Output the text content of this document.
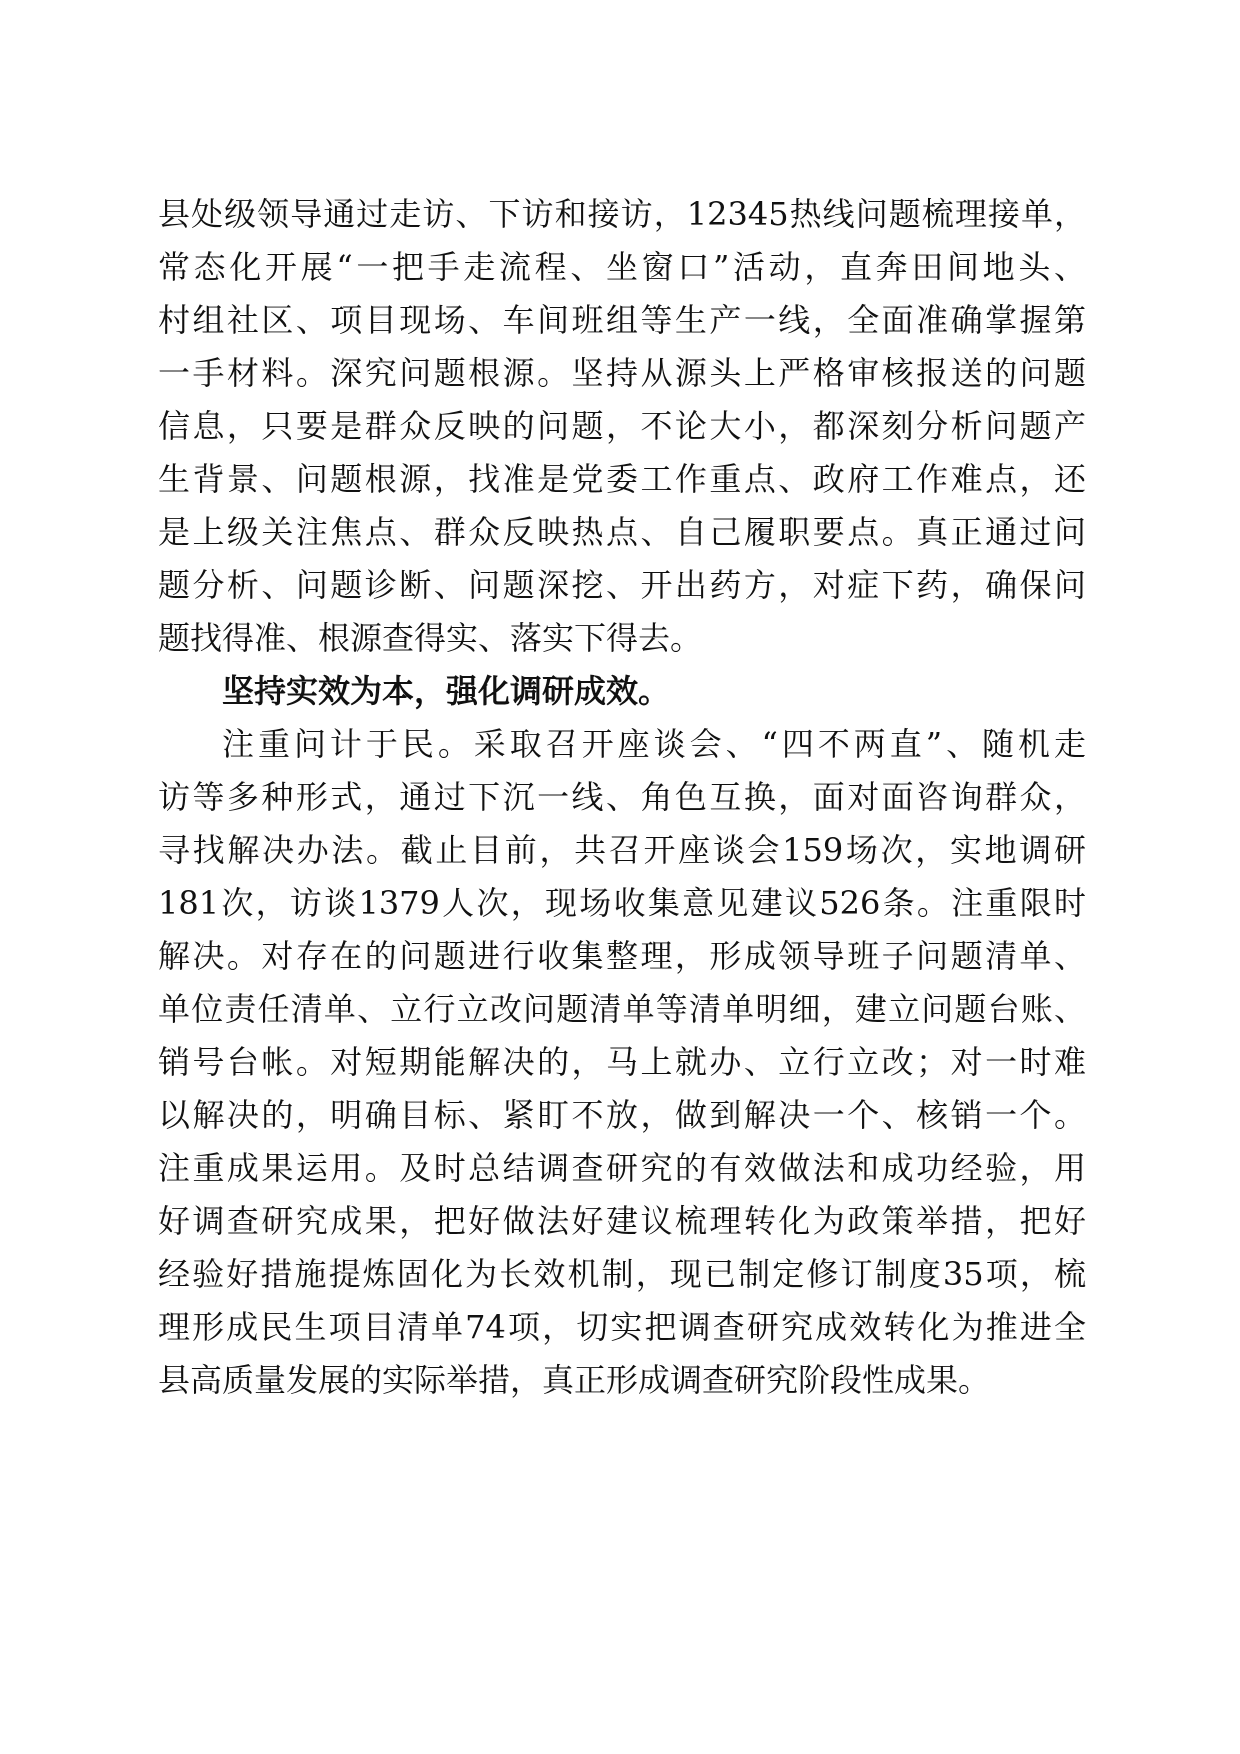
县处级领导通过走访、下访和接访，12345热线问题梳理接单，
常态化开展“一把手走流程、坐窗口”活动，直奔田间地头、
村组社区、项目现场、车间班组等生产一线，全面准确掌握第
一手材料。深究问题根源。坚持从源头上严格审核报送的问题
信息，只要是群众反映的问题，不论大小，都深刻分析问题产
生背景、问题根源，找准是党委工作重点、政府工作难点，还
是上级关注焦点、群众反映热点、自己履职要点。真正通过问
题分析、问题诊断、问题深挖、开出药方，对症下药，确保问
题找得准、根源查得实、落实下得去。
坚持实效为本，强化调研成效。
注重问计于民。采取召开座谈会、“四不两直”、随机走
访等多种形式，通过下沉一线、角色互换，面对面咨询群众，
寻找解决办法。截止目前，共召开座谈会159场次，实地调研
181次，访谈1379人次，现场收集意见建议526条。注重限时
解决。对存在的问题进行收集整理，形成领导班子问题清单、
单位责任清单、立行立改问题清单等清单明细，建立问题台账、
销号台帐。对短期能解决的，马上就办、立行立改；对一时难
以解决的，明确目标、紧盯不放，做到解决一个、核销一个。
注重成果运用。及时总结调查研究的有效做法和成功经验，用
好调查研究成果，把好做法好建议梳理转化为政策举措，把好
经验好措施提炼固化为长效机制，现已制定修订制度35项，梳
理形成民生项目清单74项，切实把调查研究成效转化为推进全
县高质量发展的实际举措，真正形成调查研究阶段性成果。
